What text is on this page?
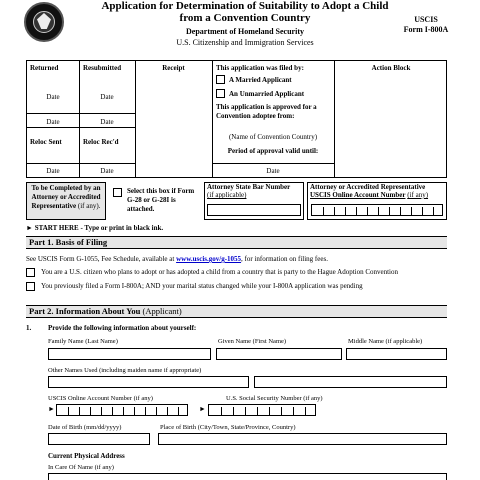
Application for Determination of Suitability to Adopt a Child from a Convention Country
Department of Homeland Security
U.S. Citizenship and Immigration Services
USCIS
Form I-800A
Returned	Resubmitted	Receipt	Action Block
Date	Date
Date	Date
Reloc Sent	Reloc Rec'd
Date	Date
This application was filed by:
A Married Applicant
An Unmarried Applicant
This application is approved for a Convention adoptee from:
(Name of Convention Country)
Period of approval valid until:
Date
To be Completed by an Attorney or Accredited Representative (if any).
Select this box if Form G-28 or G-28I is attached.
Attorney State Bar Number
(if applicable)
Attorney or Accredited Representative
USCIS Online Account Number (if any)
► START HERE - Type or print in black ink.
Part 1. Basis of Filing
See USCIS Form G-1055, Fee Schedule, available at www.uscis.gov/g-1055, for information on filing fees.
You are a U.S. citizen who plans to adopt or has adopted a child from a country that is party to the Hague Adoption Convention
You previously filed a Form I-800A; AND your marital status changed while your I-800A application was pending
Part 2. Information About You (Applicant)
1. Provide the following information about yourself:
Family Name (Last Name)	Given Name (First Name)	Middle Name (if applicable)
Other Names Used (including maiden name if appropriate)
USCIS Online Account Number (if any)	U.S. Social Security Number (if any)
►	►
Date of Birth (mm/dd/yyyy)	Place of Birth (City/Town, State/Province, Country)
Current Physical Address
In Care Of Name (if any)
